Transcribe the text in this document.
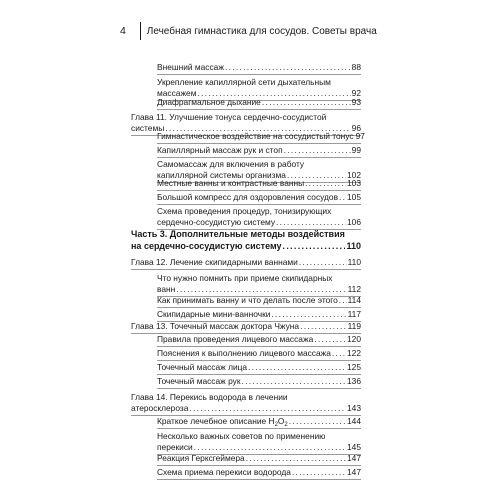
4	Лечебная гимнастика для сосудов. Советы врача
Внешний массаж .....	88
Укрепление капиллярной сети дыхательным
массажем .....	92
Диафрагмальное дыхание .....	93
Глава 11. Улучшение тонуса сердечно-сосудистой
системы .....	96
Гимнастическое воздействие на сосудистый тонус 97
Капиллярный массаж рук и стоп .....	99
Самомассаж для включения в работу
капиллярной системы организма .....	102
Местные ванны и контрастные ванны .....	103
Большой компресс для оздоровления сосудов ..... 105
Схема проведения процедур, тонизирующих
сердечно-сосудистую систему .....	106
Часть 3. Дополнительные методы воздействия
на сердечно-сосудистую систему .....	110
Глава 12. Лечение скипидарными ваннами .....	110
Что нужно помнить при приеме скипидарных
ванн .....	112
Как принимать ванну и что делать после этого ..... 114
Скипидарные мини-ванночки .....	117
Глава 13. Точечный массаж доктора Чжуна .....	119
Правила проведения лицевого массажа .....	120
Пояснения к выполнению лицевого массажа ..... 122
Точечный массаж лица .....	125
Точечный массаж рук .....	136
Глава 14. Перекись водорода в лечении
атеросклероза .....	143
Краткое лечебное описание $H_2O_2$ .....	144
Несколько важных советов по применению
перекиси .....	145
Реакция Герксгеймера .....	147
Схема приема перекиси водорода .....	147
